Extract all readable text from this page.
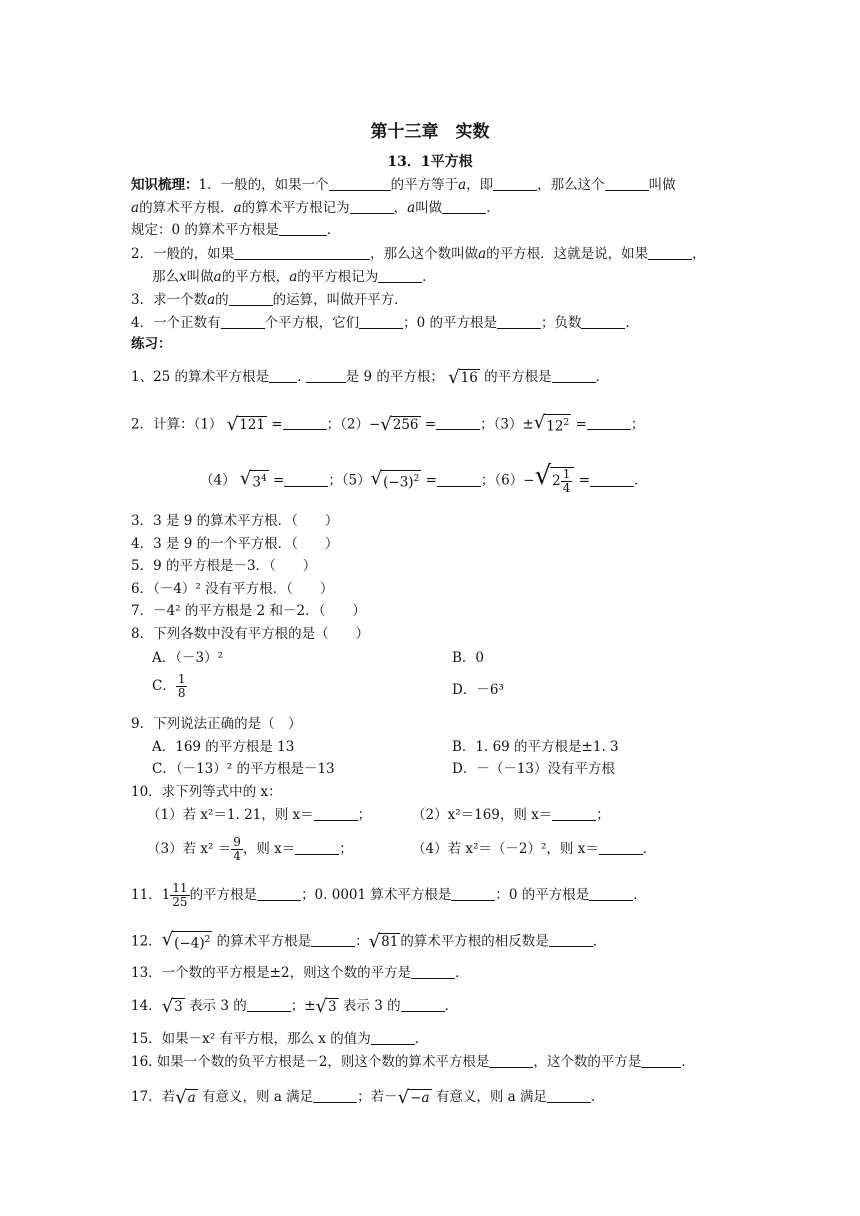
第十三章　实数
13．1平方根
知识梳理：1．一般的，如果一个	的平方等于a，即	，那么这个	叫做
a的算术平方根．a的算术平方根记为	，a叫做	．
规定：0 的算术平方根是	．
2．一般的，如果	，那么这个数叫做a的平方根．这就是说，如果	，
那么x叫做a的平方根，a的平方根记为	．
3．求一个数a的	的运算，叫做开平方．
4．一个正数有	个平方根，它们	；0 的平方根是	；负数	．
练习：
1、25 的算术平方根是 .	是 9 的平方根； √16 的平方根是	．
2．计算：（1） √121 =	；（2）−√256 =	；$(3)\pm√12^2$ =	；
（4） $√3^4$ =	；$(5)√(-3)^2$ =	；$(6)-√2 \frac{1}{4}$ =	．
3．3 是 9 的算术平方根．（　　）
4．3 是 9 的一个平方根．（　　）
5．9 的平方根是－3．（　　）
6．（－4）² 没有平方根．（　　）
7．－4² 的平方根是 2 和－2．（　　）
8．下列各数中没有平方根的是（　　）
A．（－3）²	B．0
C． $\frac{1}{8}$	D．－6³
9．下列说法正确的是（　）
A．169 的平方根是 13	B．1. 69 的平方根是±1. 3
C．（－13）² 的平方根是－13	D．－（－13）没有平方根
10．求下列等式中的 x：
（1）若 x²＝1. 21，则 x＝	；	（2）x²＝169，则 x＝	；
（3）若 $x^2 = \frac{9}{4}$ ，则 x＝	；	（4）若 x²＝（－2）²，则 x＝	．
11．$1 \frac{11}{25}$ 的平方根是	；0. 0001 算术平方根是	：0 的平方根是	．
12．$√(-4)^2$ 的算术平方根是	：√81 的算术平方根的相反数是	．
13．一个数的平方根是±2，则这个数的平方是	．
14．√3 表示 3 的	；±√3 表示 3 的	．
15．如果－x² 有平方根，那么 x 的值为	．
16. 如果一个数的负平方根是－2，则这个数的算术平方根是	，这个数的平方是	．
17．若√a 有意义，则 a 满足	；若－√−a 有意义，则 a 满足	．
